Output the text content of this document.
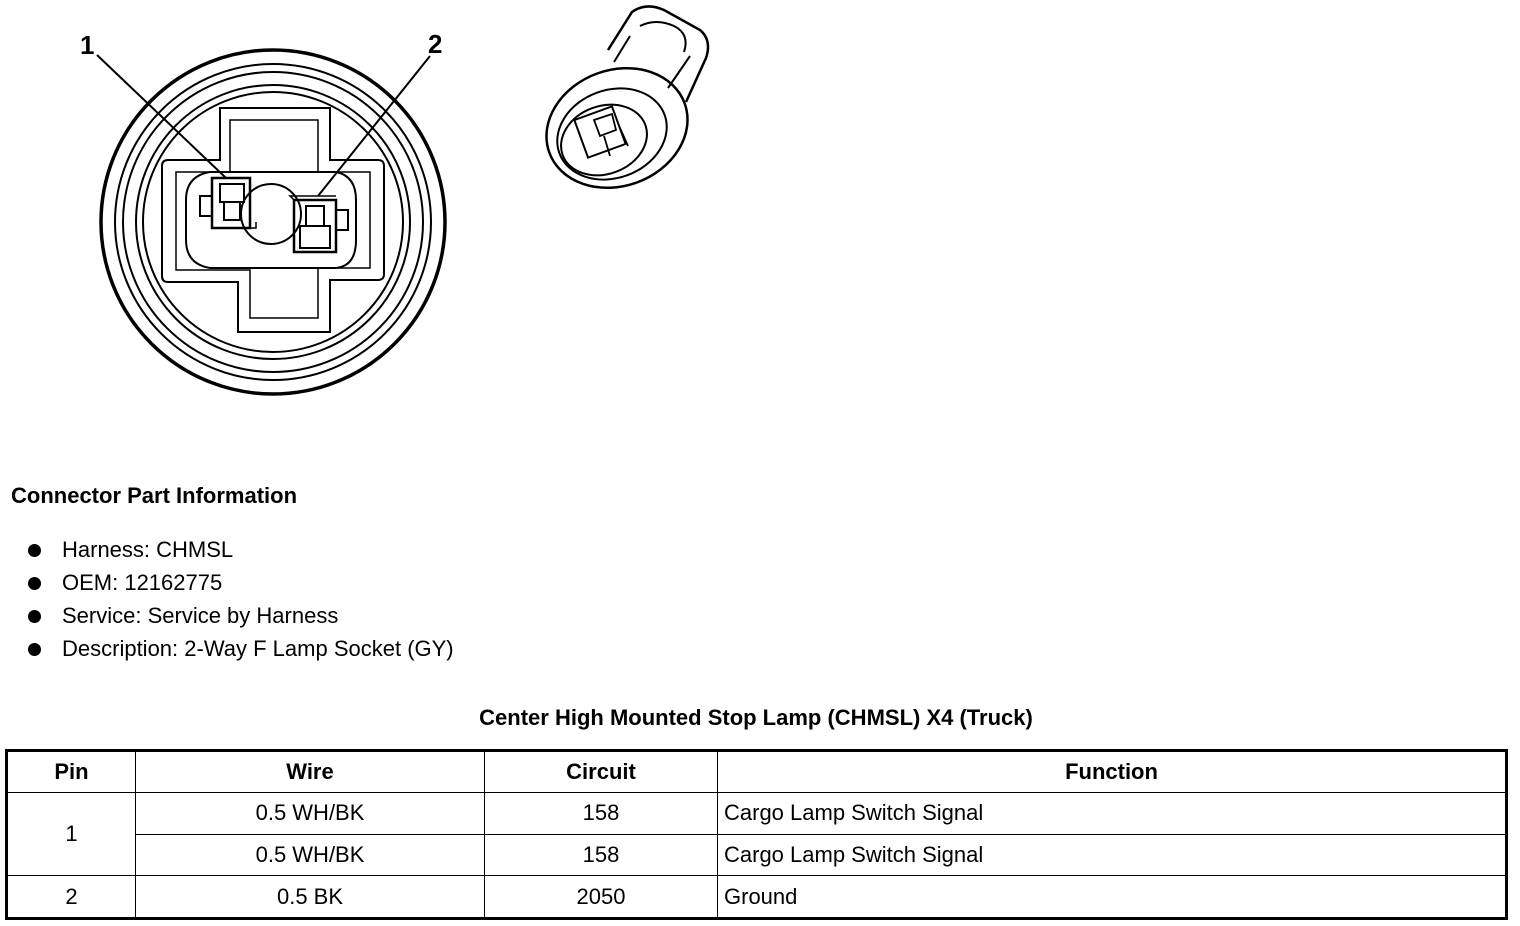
1	2
Connector Part Information
Harness: CHMSL
OEM: 12162775
Service: Service by Harness
Description: 2-Way F Lamp Socket (GY)
Center High Mounted Stop Lamp (CHMSL) X4 (Truck)
Pin	Wire	Circuit	Function
1	0.5 WH/BK	158	Cargo Lamp Switch Signal
	0.5 WH/BK	158	Cargo Lamp Switch Signal
2	0.5 BK	2050	Ground
